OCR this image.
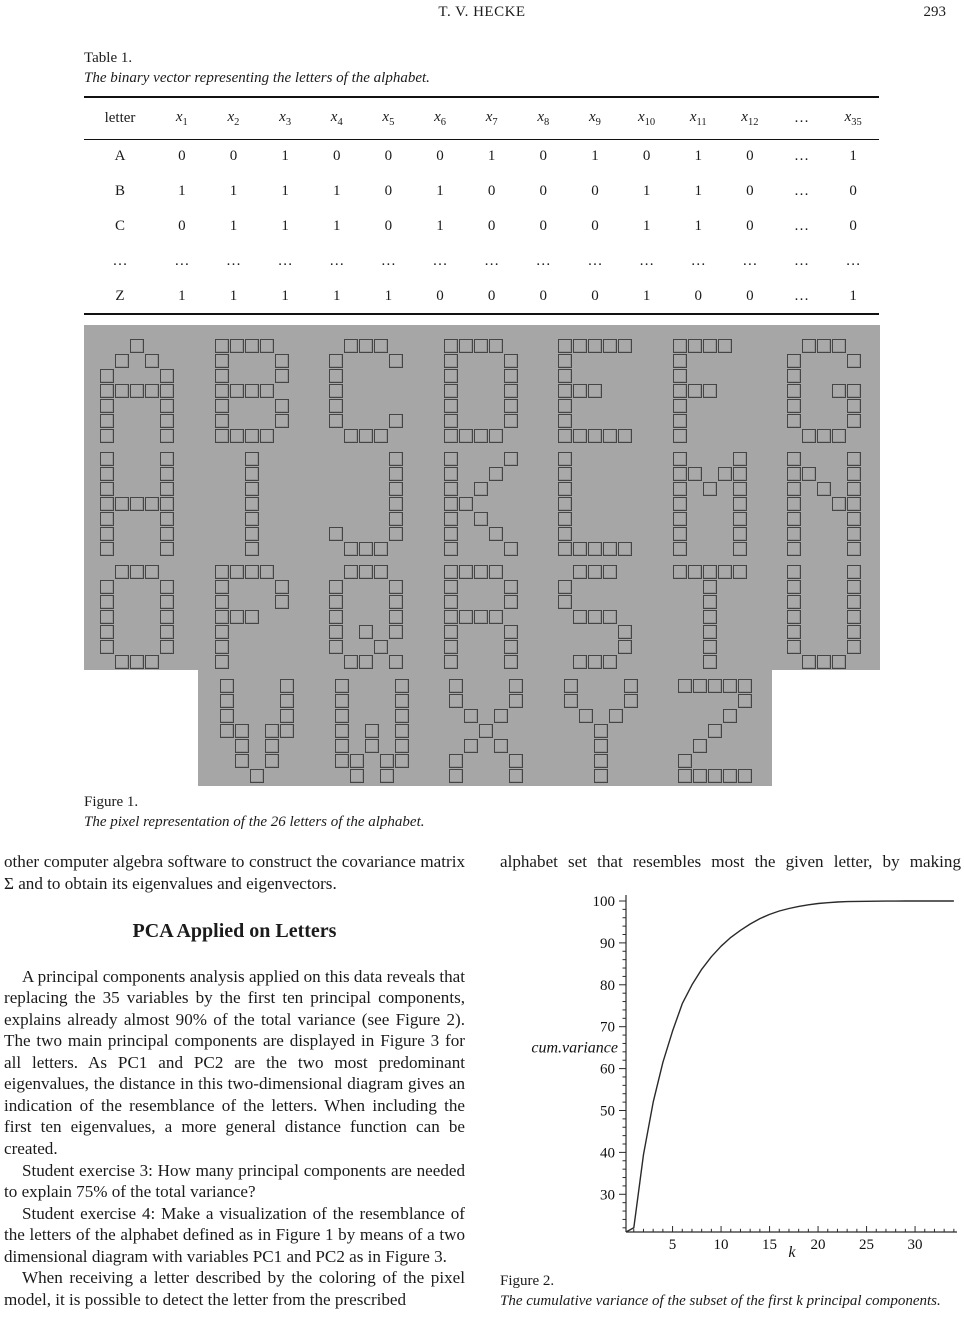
T. V. HECKE	293
Table 1.
The binary vector representing the letters of the alphabet.
letter	$x_1$	$x_2$	$x_3$	$x_4$	$x_5$	$x_6$	$x_7$	$x_8$	$x_9$	$x_{10}$	$x_{11}$	$x_{12}$	…	$x_{35}$
A	0	0	1	0	0	0	1	0	1	0	1	0	…	1
B	1	1	1	1	0	1	0	0	0	1	1	0	…	0
C	0	1	1	1	0	1	0	0	0	1	1	0	…	0
…	…	…	…	…	…	…	…	…	…	…	…	…	…	…
Z	1	1	1	1	1	0	0	0	0	1	0	0	…	1
Figure 1.
The pixel representation of the 26 letters of the alphabet.

other computer algebra software to construct the covariance matrix Σ and to obtain its eigenvalues and eigenvectors.

PCA Applied on Letters

A principal components analysis applied on this data reveals that replacing the 35 variables by the first ten principal components, explains already almost 90% of the total variance (see Figure 2). The two main principal components are displayed in Figure 3 for all letters. As PC1 and PC2 are the two most predominant eigenvalues, the distance in this two-dimensional diagram gives an indication of the resemblance of the letters. When including the first ten eigenvalues, a more general distance function can be created.

Student exercise 3: How many principal components are needed to explain 75% of the total variance?

Student exercise 4: Make a visualization of the resemblance of the letters of the alphabet defined as in Figure 1 by means of a two dimensional diagram with variables PC1 and PC2 as in Figure 3.

When receiving a letter described by the coloring of the pixel model, it is possible to detect the letter from the prescribed

alphabet set that resembles most the given letter, by making

5 10 15 20 25 30
30
40
50
60
70
80
90
100
cum.variance
k
Figure 2.
The cumulative variance of the subset of the first k principal components.
